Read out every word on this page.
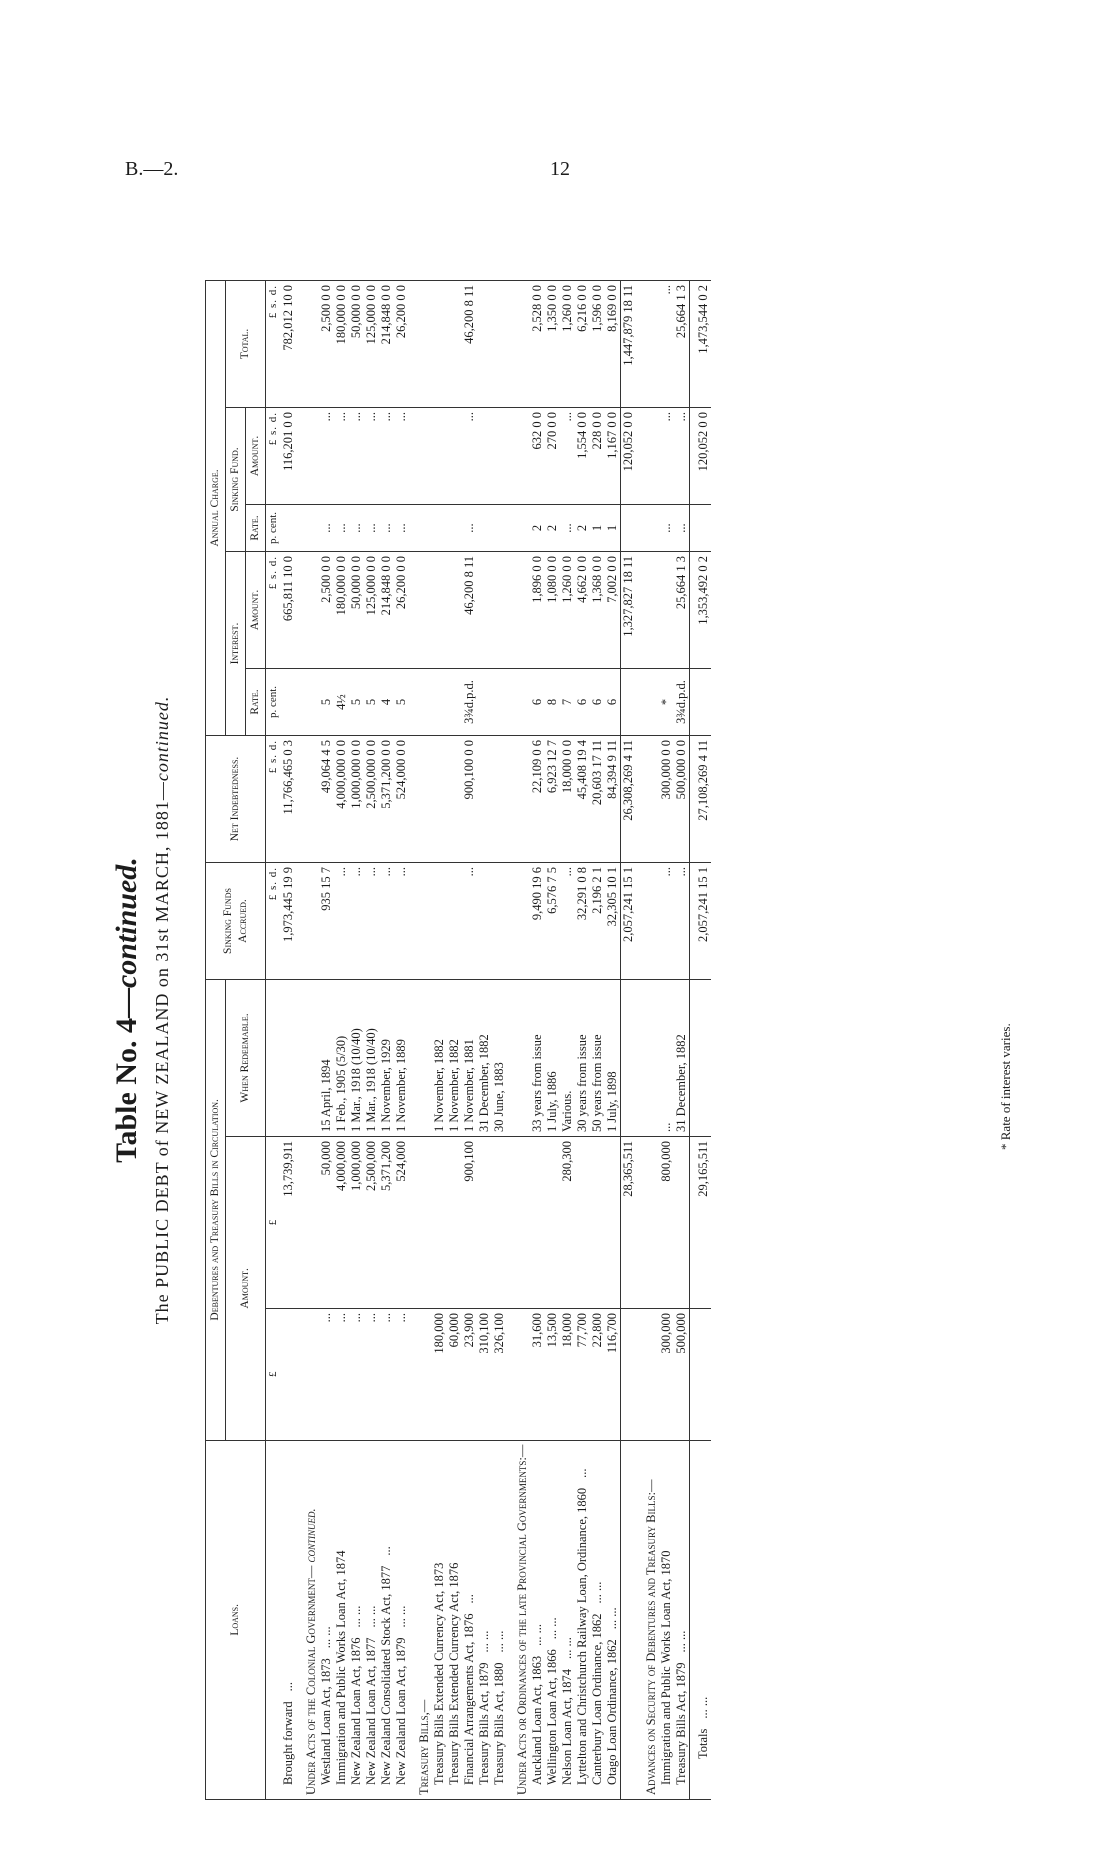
B.—2.	12
Table No. 4—continued. The PUBLIC DEBT of NEW ZEALAND on 31st MARCH, 1881—continued.
Loans.	Debentures and Treasury Bills in Circulation.			Sinking Funds Accrued.	Net Indebtedness.	Annual Charge.				
	Amount.		When Redeemable.			Interest.		Sinking Fund.		Total.
						Rate.	Amount.	Rate.	Amount.	
	£	£		£ s. d.	£ s. d.	p. cent.	£ s. d.	p. cent.	£ s. d.	£ s. d.
Brought forward...		13,739,911		1,973,445 19 9	11,766,465 0 3		665,811 10 0		116,201 0 0	782,012 10 0
Under Acts of the Colonial Government— continued.										
Westland Loan Act, 1873... ...	...	50,000	15 April, 1894	935 15 7	49,064 4 5	5	2,500 0 0	...	...	2,500 0 0
Immigration and Public Works Loan Act, 1874	...	4,000,000	1 Feb., 1905 (5/30)	...	4,000,000 0 0	4½	180,000 0 0	...	...	180,000 0 0
New Zealand Loan Act, 1876... ...	...	1,000,000	1 Mar., 1918 (10/40)	...	1,000,000 0 0	5	50,000 0 0	...	...	50,000 0 0
New Zealand Loan Act, 1877... ...	...	2,500,000	1 Mar., 1918 (10/40)	...	2,500,000 0 0	5	125,000 0 0	...	...	125,000 0 0
New Zealand Consolidated Stock Act, 1877...	...	5,371,200	1 November, 1929	...	5,371,200 0 0	4	214,848 0 0	...	...	214,848 0 0
New Zealand Loan Act, 1879... ...	...	524,000	1 November, 1889	...	524,000 0 0	5	26,200 0 0	...	...	26,200 0 0
Treasury Bills,—										
Treasury Bills Extended Currency Act, 1873	180,000		1 November, 1882							
Treasury Bills Extended Currency Act, 1876	60,000		1 November, 1882							
Financial Arrangements Act, 1876...	23,900	900,100	1 November, 1881	...	900,100 0 0	3¾d.p.d.	46,200 8 11	...	...	46,200 8 11
Treasury Bills Act, 1879... ...	310,100		31 December, 1882							
Treasury Bills Act, 1880... ...	326,100		30 June, 1883							
Under Acts or Ordinances of the late Provincial Governments:—										
Auckland Loan Act, 1863... ...	31,600		33 years from issue	9,490 19 6	22,109 0 6	6	1,896 0 0	2	632 0 0	2,528 0 0
Wellington Loan Act, 1866... ...	13,500		1 July, 1886	6,576 7 5	6,923 12 7	8	1,080 0 0	2	270 0 0	1,350 0 0
Nelson Loan Act, 1874... ...	18,000	280,300	Various.	...	18,000 0 0	7	1,260 0 0	...	...	1,260 0 0
Lyttelton and Christchurch Railway Loan, Ordinance, 1860...	77,700		30 years from issue	32,291 0 8	45,408 19 4	6	4,662 0 0	2	1,554 0 0	6,216 0 0
Canterbury Loan Ordinance, 1862... ...	22,800		50 years from issue	2,196 2 1	20,603 17 11	6	1,368 0 0	1	228 0 0	1,596 0 0
Otago Loan Ordinance, 1862... ...	116,700		1 July, 1898	32,305 10 1	84,394 9 11	6	7,002 0 0	1	1,167 0 0	8,169 0 0
		28,365,511		2,057,241 15 1	26,308,269 4 11		1,327,827 18 11		120,052 0 0	1,447,879 18 11
Advances on Security of Debentures and Treasury Bills:—										
Immigration and Public Works Loan Act, 1870	300,000	800,000	...	...	300,000 0 0	*		...	...	...
Treasury Bills Act, 1879... ...	500,000		31 December, 1882	...	500,000 0 0	3¾d.p.d.	25,664 1 3	...	...	25,664 1 3
Totals... ...		29,165,511		2,057,241 15 1	27,108,269 4 11		1,353,492 0 2		120,052 0 0	1,473,544 0 2
* Rate of interest varies.
